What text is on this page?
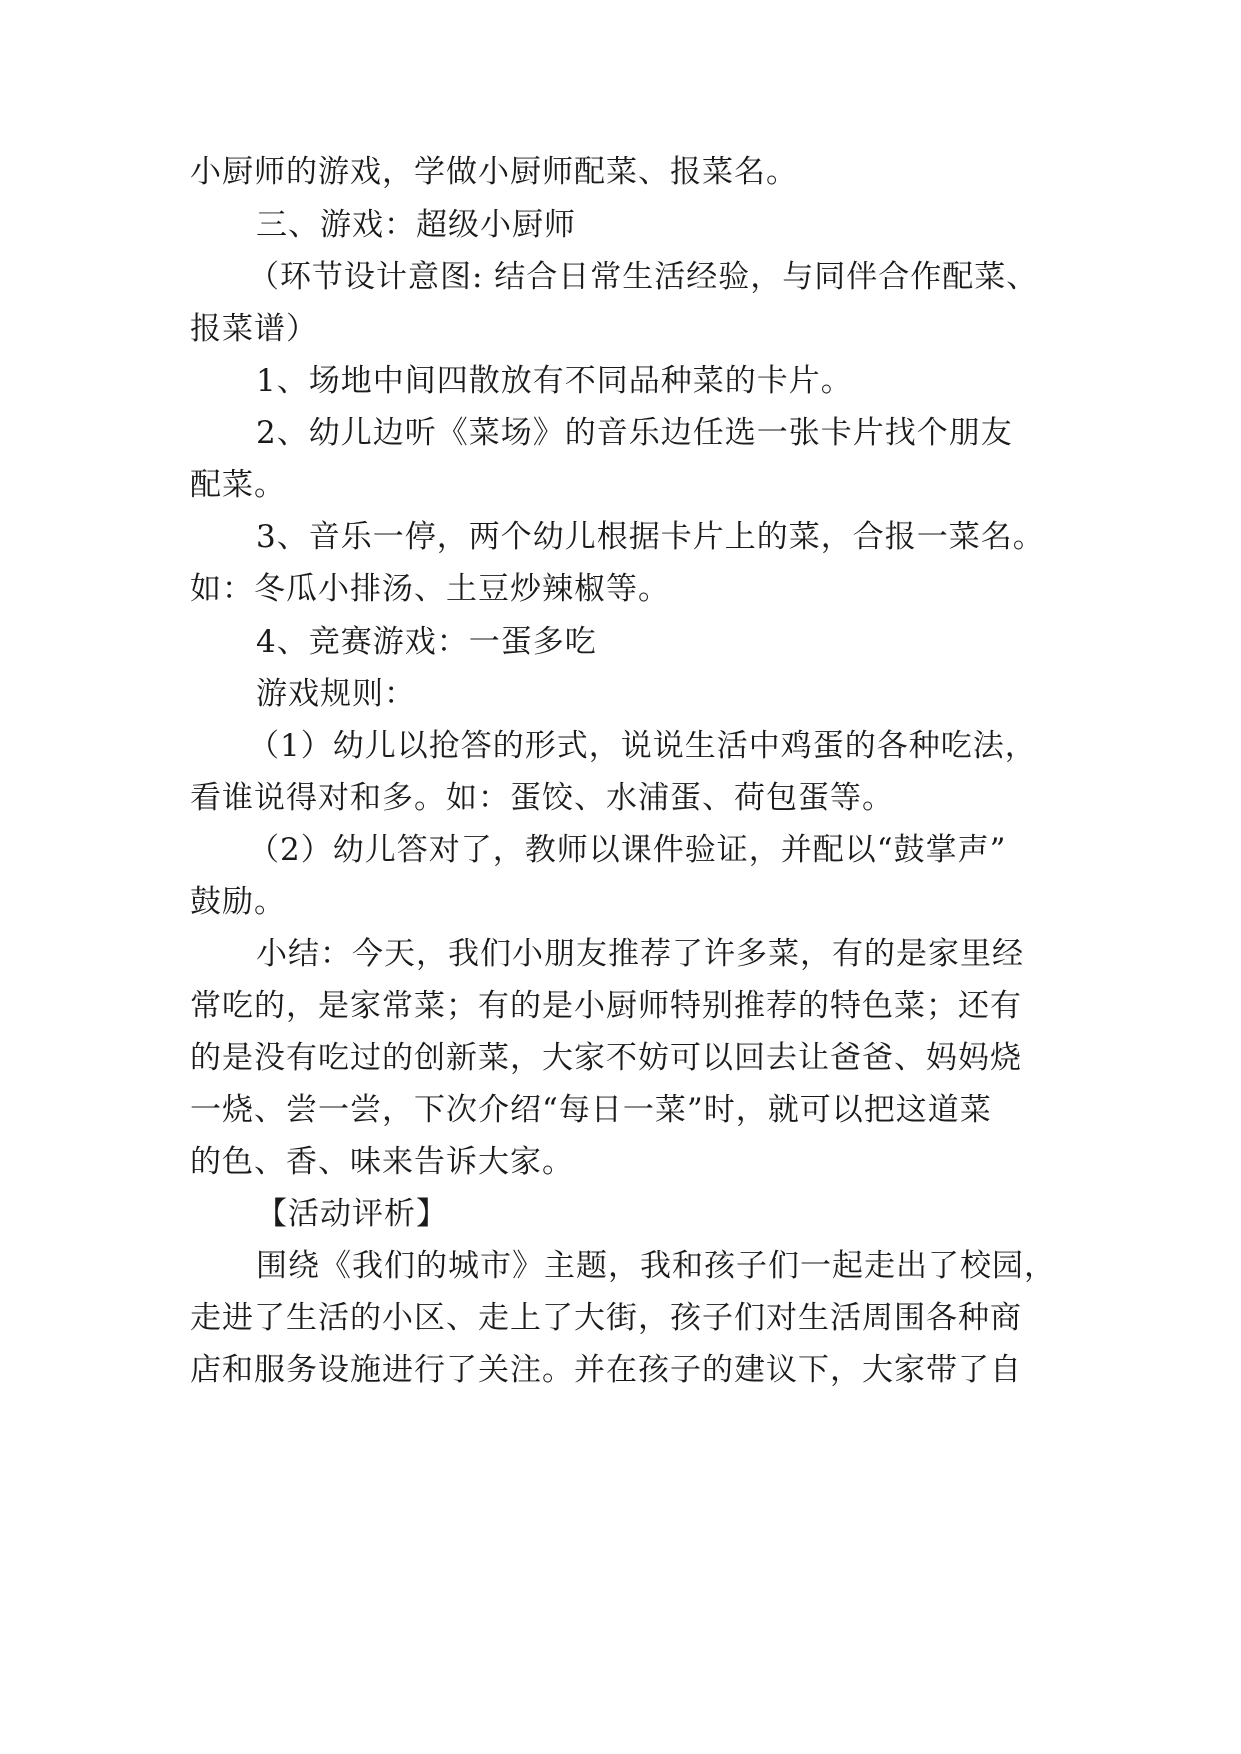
小厨师的游戏，学做小厨师配菜、报菜名。
三、游戏：超级小厨师
（环节设计意图: 结合日常生活经验，与同伴合作配菜、
报菜谱）
1、场地中间四散放有不同品种菜的卡片。
2、幼儿边听《菜场》的音乐边任选一张卡片找个朋友
配菜。
3、音乐一停，两个幼儿根据卡片上的菜，合报一菜名。
如：冬瓜小排汤、土豆炒辣椒等。
4、竞赛游戏：一蛋多吃
游戏规则：
（1）幼儿以抢答的形式，说说生活中鸡蛋的各种吃法，
看谁说得对和多。如：蛋饺、水浦蛋、荷包蛋等。
（2）幼儿答对了，教师以课件验证，并配以“鼓掌声”
鼓励。
小结：今天，我们小朋友推荐了许多菜，有的是家里经
常吃的，是家常菜；有的是小厨师特别推荐的特色菜；还有
的是没有吃过的创新菜，大家不妨可以回去让爸爸、妈妈烧
一烧、尝一尝，下次介绍“每日一菜”时，就可以把这道菜
的色、香、味来告诉大家。
【活动评析】
围绕《我们的城市》主题，我和孩子们一起走出了校园，
走进了生活的小区、走上了大街，孩子们对生活周围各种商
店和服务设施进行了关注。并在孩子的建议下，大家带了自
